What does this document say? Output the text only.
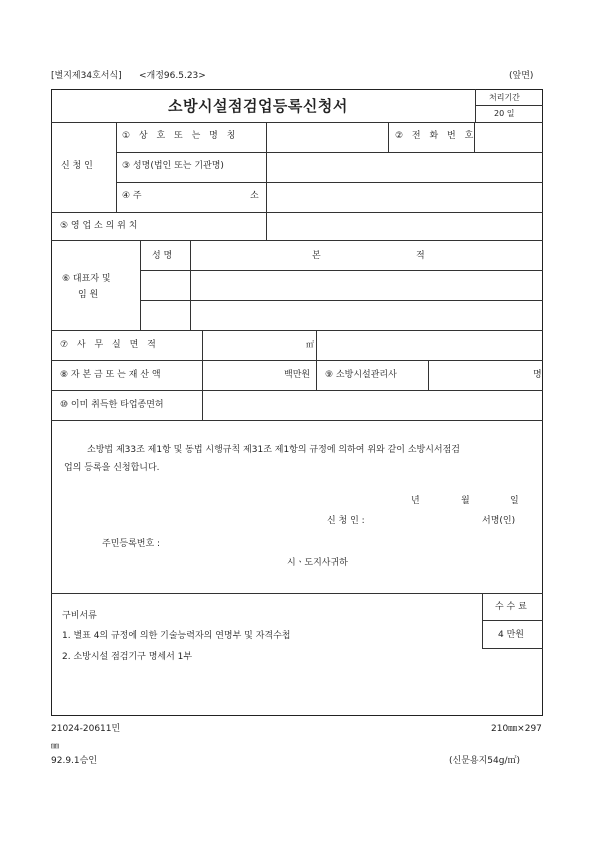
[별지제34호서식] <개정96.5.23>	(앞면)
소방시설점검업등록신청서	처리기간
20 일
신 청 인
① 상 호 또 는 명 칭	② 전 화 번 호
③ 성명(법인 또는 기관명)
④ 주	소
⑤ 영 업 소 의 위 치
⑥ 대표자 및
임 원
성 명	본	적
⑦ 사 무 실 면 적	㎡
⑧ 자 본 금 또 는 재 산 액	백만원 ⑨ 소방시설관리사	명
⑩ 이미 취득한 타업종면허
소방법 제33조 제1항 및 동법 시행규칙 제31조 제1항의 규정에 의하여 위와 같이 소방시서점검
업의 등록을 신청합니다.
년	월	일
신 청 인 :	서명(인)
주민등록번호 :
시ㆍ도지사귀하
구비서류
1. 별표 4의 규정에 의한 기술능력자의 연명부 및 자격수첩
2. 소방시설 점검기구 명세서 1부
수 수 료
4 만원
21024-20611민
㎜
92.9.1승인
210㎜×297
(신문용지54g/㎡)
